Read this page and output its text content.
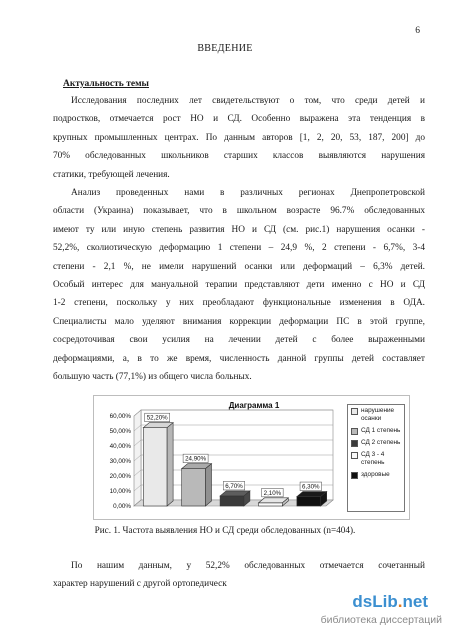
6
ВВЕДЕНИЕ
Актуальность темы

Исследования последних лет свидетельствуют о том, что среди детей и
подростков, отмечается рост НО и СД. Особенно выражена эта тенденция в
крупных промышленных центрах. По данным авторов [1, 2, 20, 53, 187, 200] до
70% обследованных школьников старших классов выявляются нарушения
статики, требующей лечения.

Анализ проведенных нами в различных регионах Днепропетровской
области (Украина) показывает, что в школьном возрасте 96.7% обследованных
имеют ту или иную степень развития НО и СД (см. рис.1) нарушения осанки -
52,2%, сколиотическую деформацию 1 степени – 24,9 %, 2 степени - 6,7%, 3-4
степени - 2,1 %, не имели нарушений осанки или деформаций – 6,3% детей.
Особый интерес для мануальной терапии представляют дети именно с НО и СД
1-2 степени, поскольку у них преобладают функциональные изменения в ОДА.
Специалисты мало уделяют внимания коррекции деформации ПС в этой группе,
сосредоточивая свои усилия на лечении детей с более выраженными
деформациями, а, в то же время, численность данной группы детей составляет
большую часть (77,1%) из общего числа больных.

Диаграмма 1
0,00%
10,00%
20,00%
30,00%
40,00%
50,00%
60,00%	52,20%
24,90%
6,70%
2,10%
6,30%
нарушение осанки
СД 1 степень
СД 2 степень
СД 3 - 4 степень
здоровые
Рис. 1. Частота выявления НО и СД среди обследованных (n=404).

По нашим данным, у 52,2% обследованных отмечается сочетанный
характер нарушений с другой ортопедическ

dsLib.net
библиотека диссертаций
